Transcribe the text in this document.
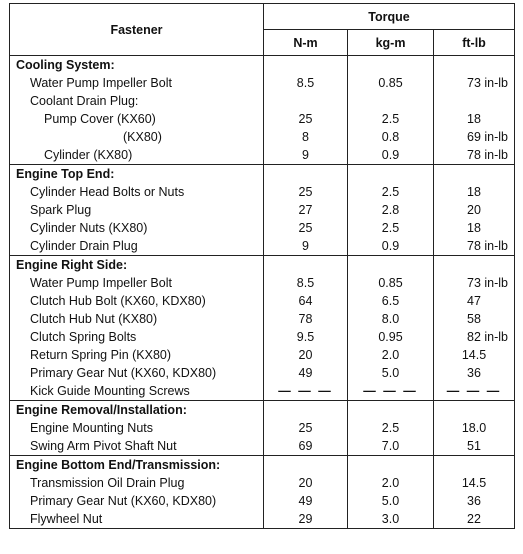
Fastener	Torque		
	N-m	kg-m	ft-lb
Cooling System:			
Water Pump Impeller Bolt	8.5	0.85	73 in-lb
Coolant Drain Plug:			
Pump Cover (KX60)	25	2.5	18
(KX80)	8	0.8	69 in-lb
Cylinder (KX80)	9	0.9	78 in-lb
Engine Top End:			
Cylinder Head Bolts or Nuts	25	2.5	18
Spark Plug	27	2.8	20
Cylinder Nuts (KX80)	25	2.5	18
Cylinder Drain Plug	9	0.9	78 in-lb
Engine Right Side:			
Water Pump Impeller Bolt	8.5	0.85	73 in-lb
Clutch Hub Bolt (KX60, KDX80)	64	6.5	47
Clutch Hub Nut (KX80)	78	8.0	58
Clutch Spring Bolts	9.5	0.95	82 in-lb
Return Spring Pin (KX80)	20	2.0	14.5
Primary Gear Nut (KX60, KDX80)	49	5.0	36
Kick Guide Mounting Screws	— — —	— — —	— — —
Engine Removal/Installation:			
Engine Mounting Nuts	25	2.5	18.0
Swing Arm Pivot Shaft Nut	69	7.0	51
Engine Bottom End/Transmission:			
Transmission Oil Drain Plug	20	2.0	14.5
Primary Gear Nut (KX60, KDX80)	49	5.0	36
Flywheel Nut	29	3.0	22
